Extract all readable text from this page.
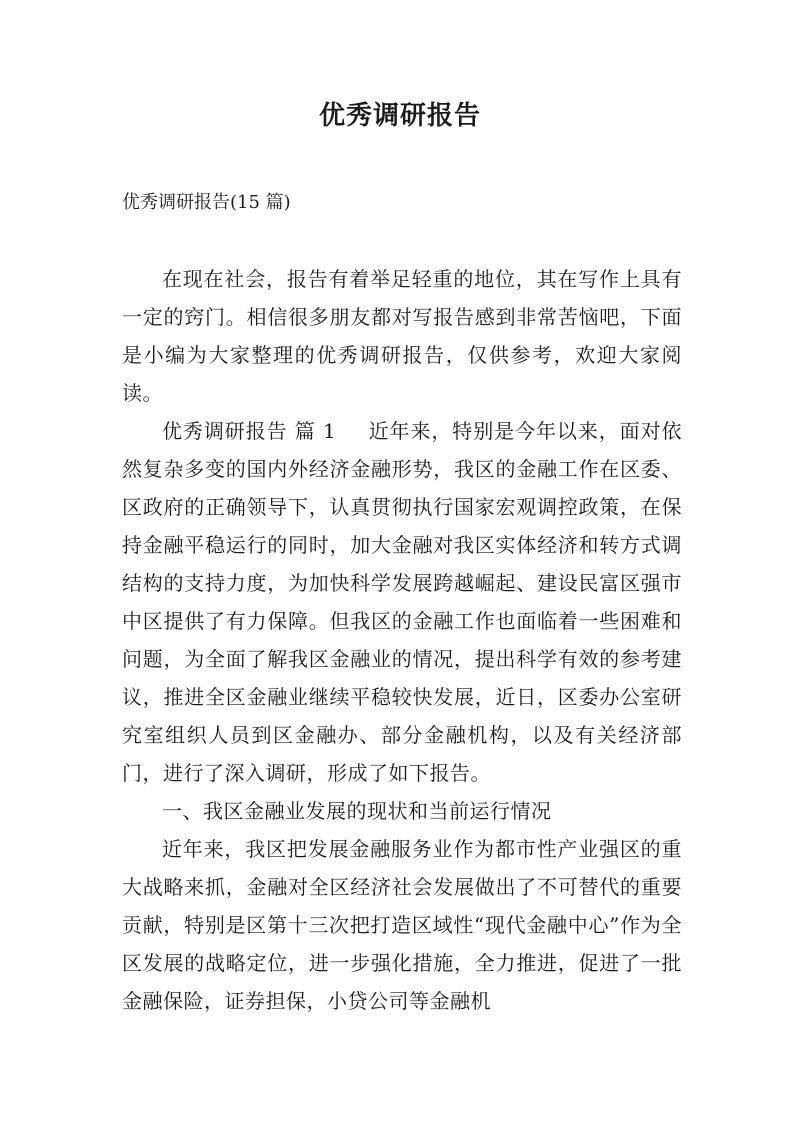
优秀调研报告
优秀调研报告(15 篇)

在现在社会，报告有着举足轻重的地位，其在写作上具有一定的窍门。相信很多朋友都对写报告感到非常苦恼吧，下面是小编为大家整理的优秀调研报告，仅供参考，欢迎大家阅读。

优秀调研报告 篇 1 近年来，特别是今年以来，面对依然复杂多变的国内外经济金融形势，我区的金融工作在区委、区政府的正确领导下，认真贯彻执行国家宏观调控政策，在保持金融平稳运行的同时，加大金融对我区实体经济和转方式调结构的支持力度，为加快科学发展跨越崛起、建设民富区强市中区提供了有力保障。但我区的金融工作也面临着一些困难和问题，为全面了解我区金融业的情况，提出科学有效的参考建议，推进全区金融业继续平稳较快发展，近日，区委办公室研究室组织人员到区金融办、部分金融机构，以及有关经济部门，进行了深入调研，形成了如下报告。

一、我区金融业发展的现状和当前运行情况

近年来，我区把发展金融服务业作为都市性产业强区的重大战略来抓，金融对全区经济社会发展做出了不可替代的重要贡献，特别是区第十三次把打造区域性“现代金融中心”作为全区发展的战略定位，进一步强化措施，全力推进，促进了一批金融保险，证券担保，小贷公司等金融机
